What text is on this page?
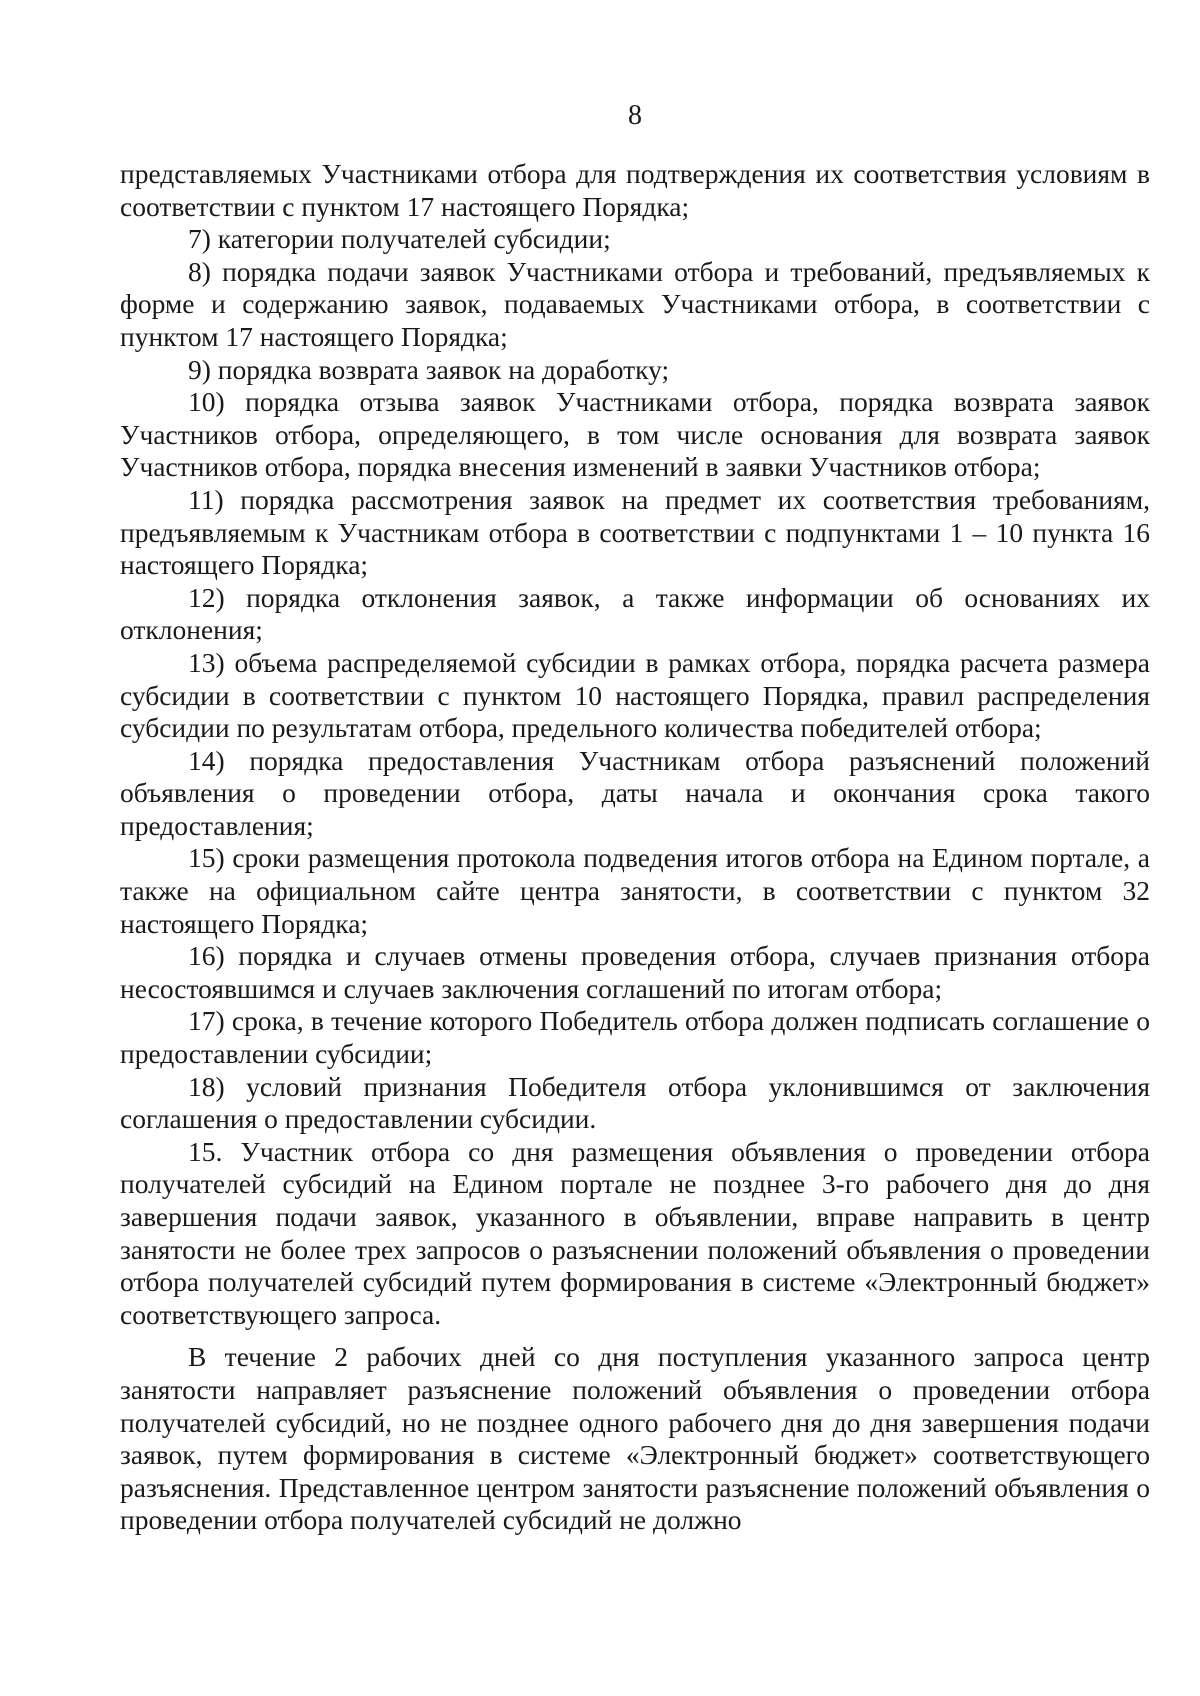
8

представляемых Участниками отбора для подтверждения их соответствия условиям в соответствии с пунктом 17 настоящего Порядка;

7) категории получателей субсидии;

8) порядка подачи заявок Участниками отбора и требований, предъявляемых к форме и содержанию заявок, подаваемых Участниками отбора, в соответствии с пунктом 17 настоящего Порядка;

9) порядка возврата заявок на доработку;

10) порядка отзыва заявок Участниками отбора, порядка возврата заявок Участников отбора, определяющего, в том числе основания для возврата заявок Участников отбора, порядка внесения изменений в заявки Участников отбора;

11) порядка рассмотрения заявок на предмет их соответствия требованиям, предъявляемым к Участникам отбора в соответствии с подпунктами 1 – 10 пункта 16 настоящего Порядка;

12) порядка отклонения заявок, а также информации об основаниях их отклонения;

13) объема распределяемой субсидии в рамках отбора, порядка расчета размера субсидии в соответствии с пунктом 10 настоящего Порядка, правил распределения субсидии по результатам отбора, предельного количества победителей отбора;

14) порядка предоставления Участникам отбора разъяснений положений объявления о проведении отбора, даты начала и окончания срока такого предоставления;

15) сроки размещения протокола подведения итогов отбора на Едином портале, а также на официальном сайте центра занятости, в соответствии с пунктом 32 настоящего Порядка;

16) порядка и случаев отмены проведения отбора, случаев признания отбора несостоявшимся и случаев заключения соглашений по итогам отбора;

17) срока, в течение которого Победитель отбора должен подписать соглашение о предоставлении субсидии;

18) условий признания Победителя отбора уклонившимся от заключения соглашения о предоставлении субсидии.

15. Участник отбора со дня размещения объявления о проведении отбора получателей субсидий на Едином портале не позднее 3-го рабочего дня до дня завершения подачи заявок, указанного в объявлении, вправе направить в центр занятости не более трех запросов о разъяснении положений объявления о проведении отбора получателей субсидий путем формирования в системе «Электронный бюджет» соответствующего запроса.

В течение 2 рабочих дней со дня поступления указанного запроса центр занятости направляет разъяснение положений объявления о проведении отбора получателей субсидий, но не позднее одного рабочего дня до дня завершения подачи заявок, путем формирования в системе «Электронный бюджет» соответствующего разъяснения. Представленное центром занятости разъяснение положений объявления о проведении отбора получателей субсидий не должно
